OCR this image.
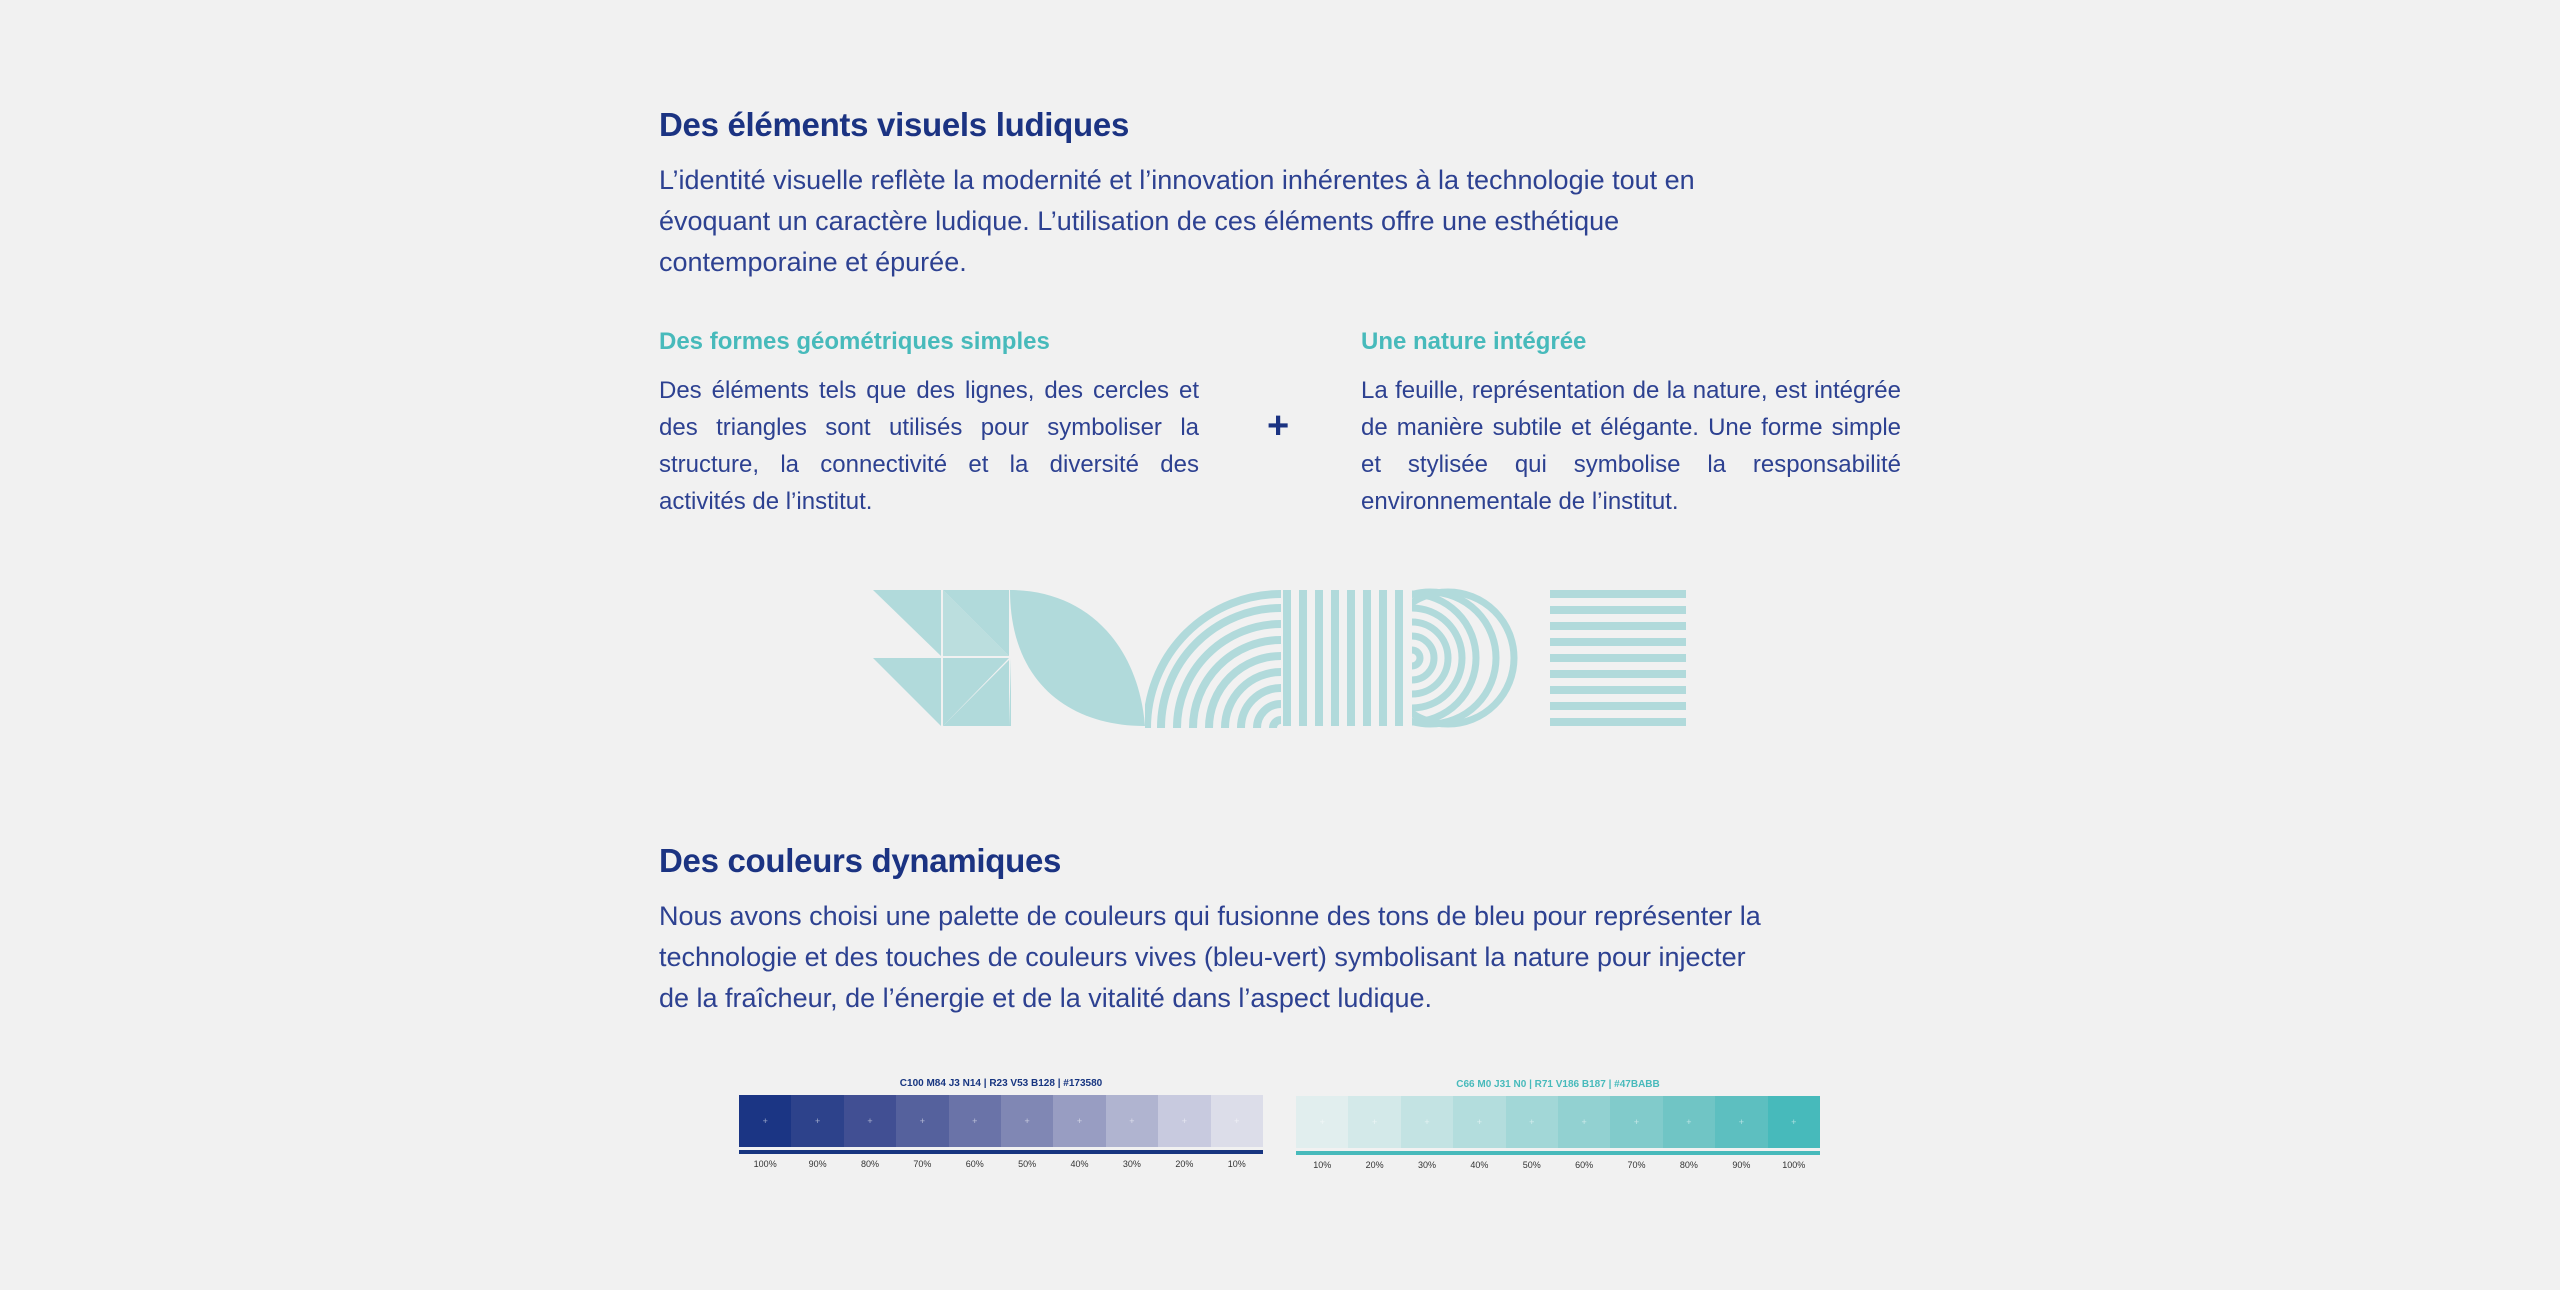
Des éléments visuels ludiques

L’identité visuelle reflète la modernité et l’innovation inhérentes à la technologie tout en

évoquant un caractère ludique. L’utilisation de ces éléments offre une esthétique

contemporaine et épurée.

Des formes géométriques simples

Des éléments tels que des lignes, des cercles et des triangles sont utilisés pour symboliser la structure, la connectivité et la diversité des activités de l’institut.

+
Une nature intégrée

La feuille, représentation de la nature, est intégrée de manière subtile et élégante. Une forme simple et stylisée qui symbolise la responsabilité environnementale de l’institut.

Des couleurs dynamiques

Nous avons choisi une palette de couleurs qui fusionne des tons de bleu pour représenter la

technologie et des touches de couleurs vives (bleu-vert) symbolisant la nature pour injecter

de la fraîcheur, de l’énergie et de la vitalité dans l’aspect ludique.

C100 M84 J3 N14 | R23 V53 B128 | #173580
+	+	+	+	+	+	+	+	+	+
100%	90%	80%	70%	60%	50%	40%	30%	20%	10%
C66 M0 J31 N0 | R71 V186 B187 | #47BABB
+	+	+	+	+	+	+	+	+	+
10%	20%	30%	40%	50%	60%	70%	80%	90%	100%
